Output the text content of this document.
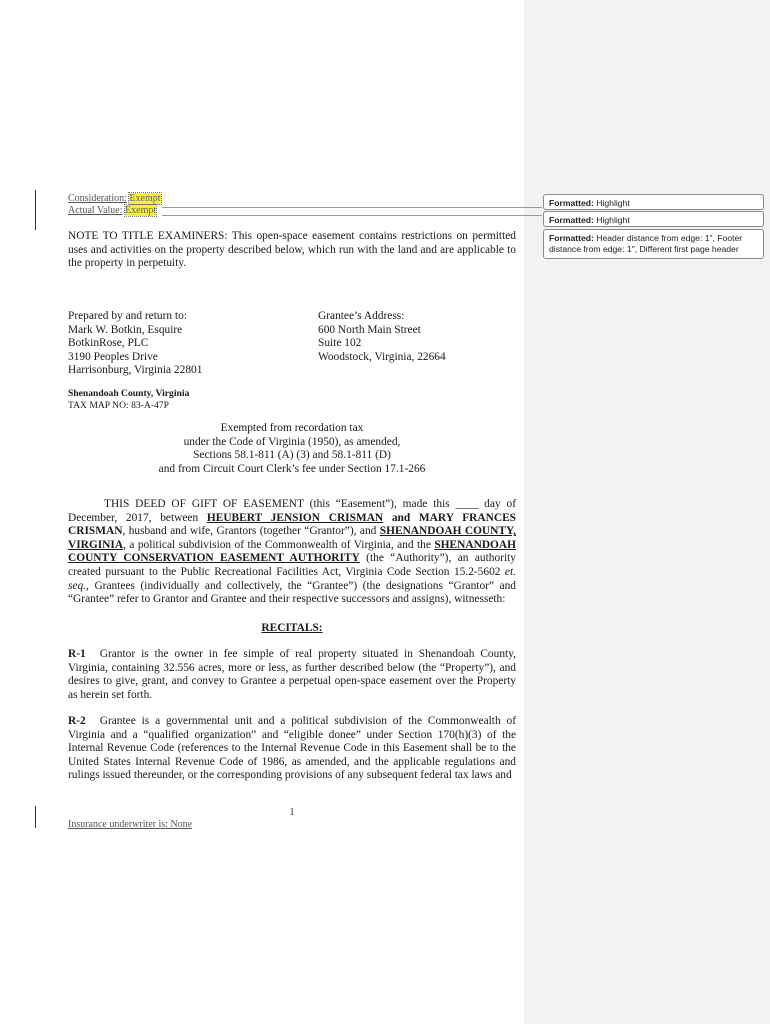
Consideration: Exempt
Actual Value: Exempt

NOTE TO TITLE EXAMINERS: This open-space easement contains restrictions on permitted uses and activities on the property described below, which run with the land and are applicable to the property in perpetuity.

Prepared by and return to:
Mark W. Botkin, Esquire
BotkinRose, PLC
3190 Peoples Drive
Harrisonburg, Virginia 22801
Grantee’s Address:
600 North Main Street
Suite 102
Woodstock, Virginia, 22664
Shenandoah County, Virginia
TAX MAP NO: 83-A-47P
Exempted from recordation tax
under the Code of Virginia (1950), as amended,
Sections 58.1-811 (A) (3) and 58.1-811 (D)
and from Circuit Court Clerk’s fee under Section 17.1-266

THIS DEED OF GIFT OF EASEMENT (this “Easement”), made this ____ day of December, 2017, between HEUBERT JENSION CRISMAN and MARY FRANCES CRISMAN, husband and wife, Grantors (together “Grantor”), and SHENANDOAH COUNTY, VIRGINIA, a political subdivision of the Commonwealth of Virginia, and the SHENANDOAH COUNTY CONSERVATION EASEMENT AUTHORITY (the “Authority”), an authority created pursuant to the Public Recreational Facilities Act, Virginia Code Section 15.2-5602 et. seq., Grantees (individually and collectively, the “Grantee”) (the designations “Grantor” and “Grantee” refer to Grantor and Grantee and their respective successors and assigns), witnesseth:

RECITALS:

R-1 Grantor is the owner in fee simple of real property situated in Shenandoah County, Virginia, containing 32.556 acres, more or less, as further described below (the “Property”), and desires to give, grant, and convey to Grantee a perpetual open-space easement over the Property as herein set forth.

R-2 Grantee is a governmental unit and a political subdivision of the Commonwealth of Virginia and a “qualified organization” and “eligible donee” under Section 170(h)(3) of the Internal Revenue Code (references to the Internal Revenue Code in this Easement shall be to the United States Internal Revenue Code of 1986, as amended, and the applicable regulations and rulings issued thereunder, or the corresponding provisions of any subsequent federal tax laws and

1
Insurance underwriter is: None
Formatted: Highlight
Formatted: Highlight
Formatted: Header distance from edge: 1", Footer distance from edge: 1", Different first page header
